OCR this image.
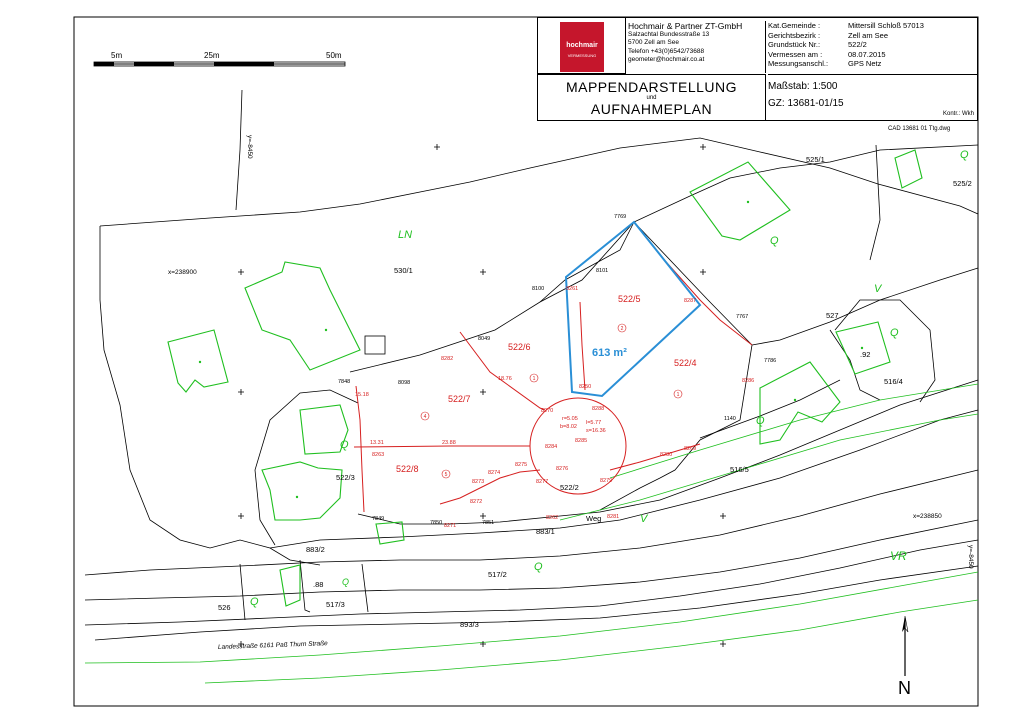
5m	25m	50m
613 m²
r=5.05
b=8.02
l=5.77
s=16.36
8270	8288
8261
8284
8285
8276
8277
8275
8274
8273
8272
8271
8282
8279
8280
8269
8287
8286
8263
8250
8262	8281
15.18
13.31
18.76
23.88
7769
7767
7786
8101
8100
8049
8098
7848
7849
7850	7851
1140
CAD 13681 01 Ttg.dwg
530/1
525/1
525/2
527
516/4
516/5
522/2
522/3
883/1
883/2
517/2
517/3
526
893/3
Weg
.92
.88
522/5
522/6
522/4
522/7
522/8
2
1
1
4
5
LN	Q
Q
V
Q
Q
Q
V
Q
VR
Q
Q
x=238900
x=238850
y=-8450
y=-8450
Landesstraße 6161 Paß Thurn Straße
N
hochmair
VERMESSUNG
Hochmair & Partner ZT-GmbH
Salzachtal Bundesstraße 13
5700 Zell am See
Telefon +43(0)6542/73688
geometer@hochmair.co.at
Kat.Gemeinde :	Mittersill Schloß 57013
Gerichtsbezirk :	Zell am See
Grundstück Nr.:	522/2
Vermessen am :	08.07.2015
Messungsanschl.:	GPS Netz
MAPPENDARSTELLUNG
und
AUFNAHMEPLAN
Maßstab: 1:500
GZ: 13681-01/15
Kontr.: Wkh
